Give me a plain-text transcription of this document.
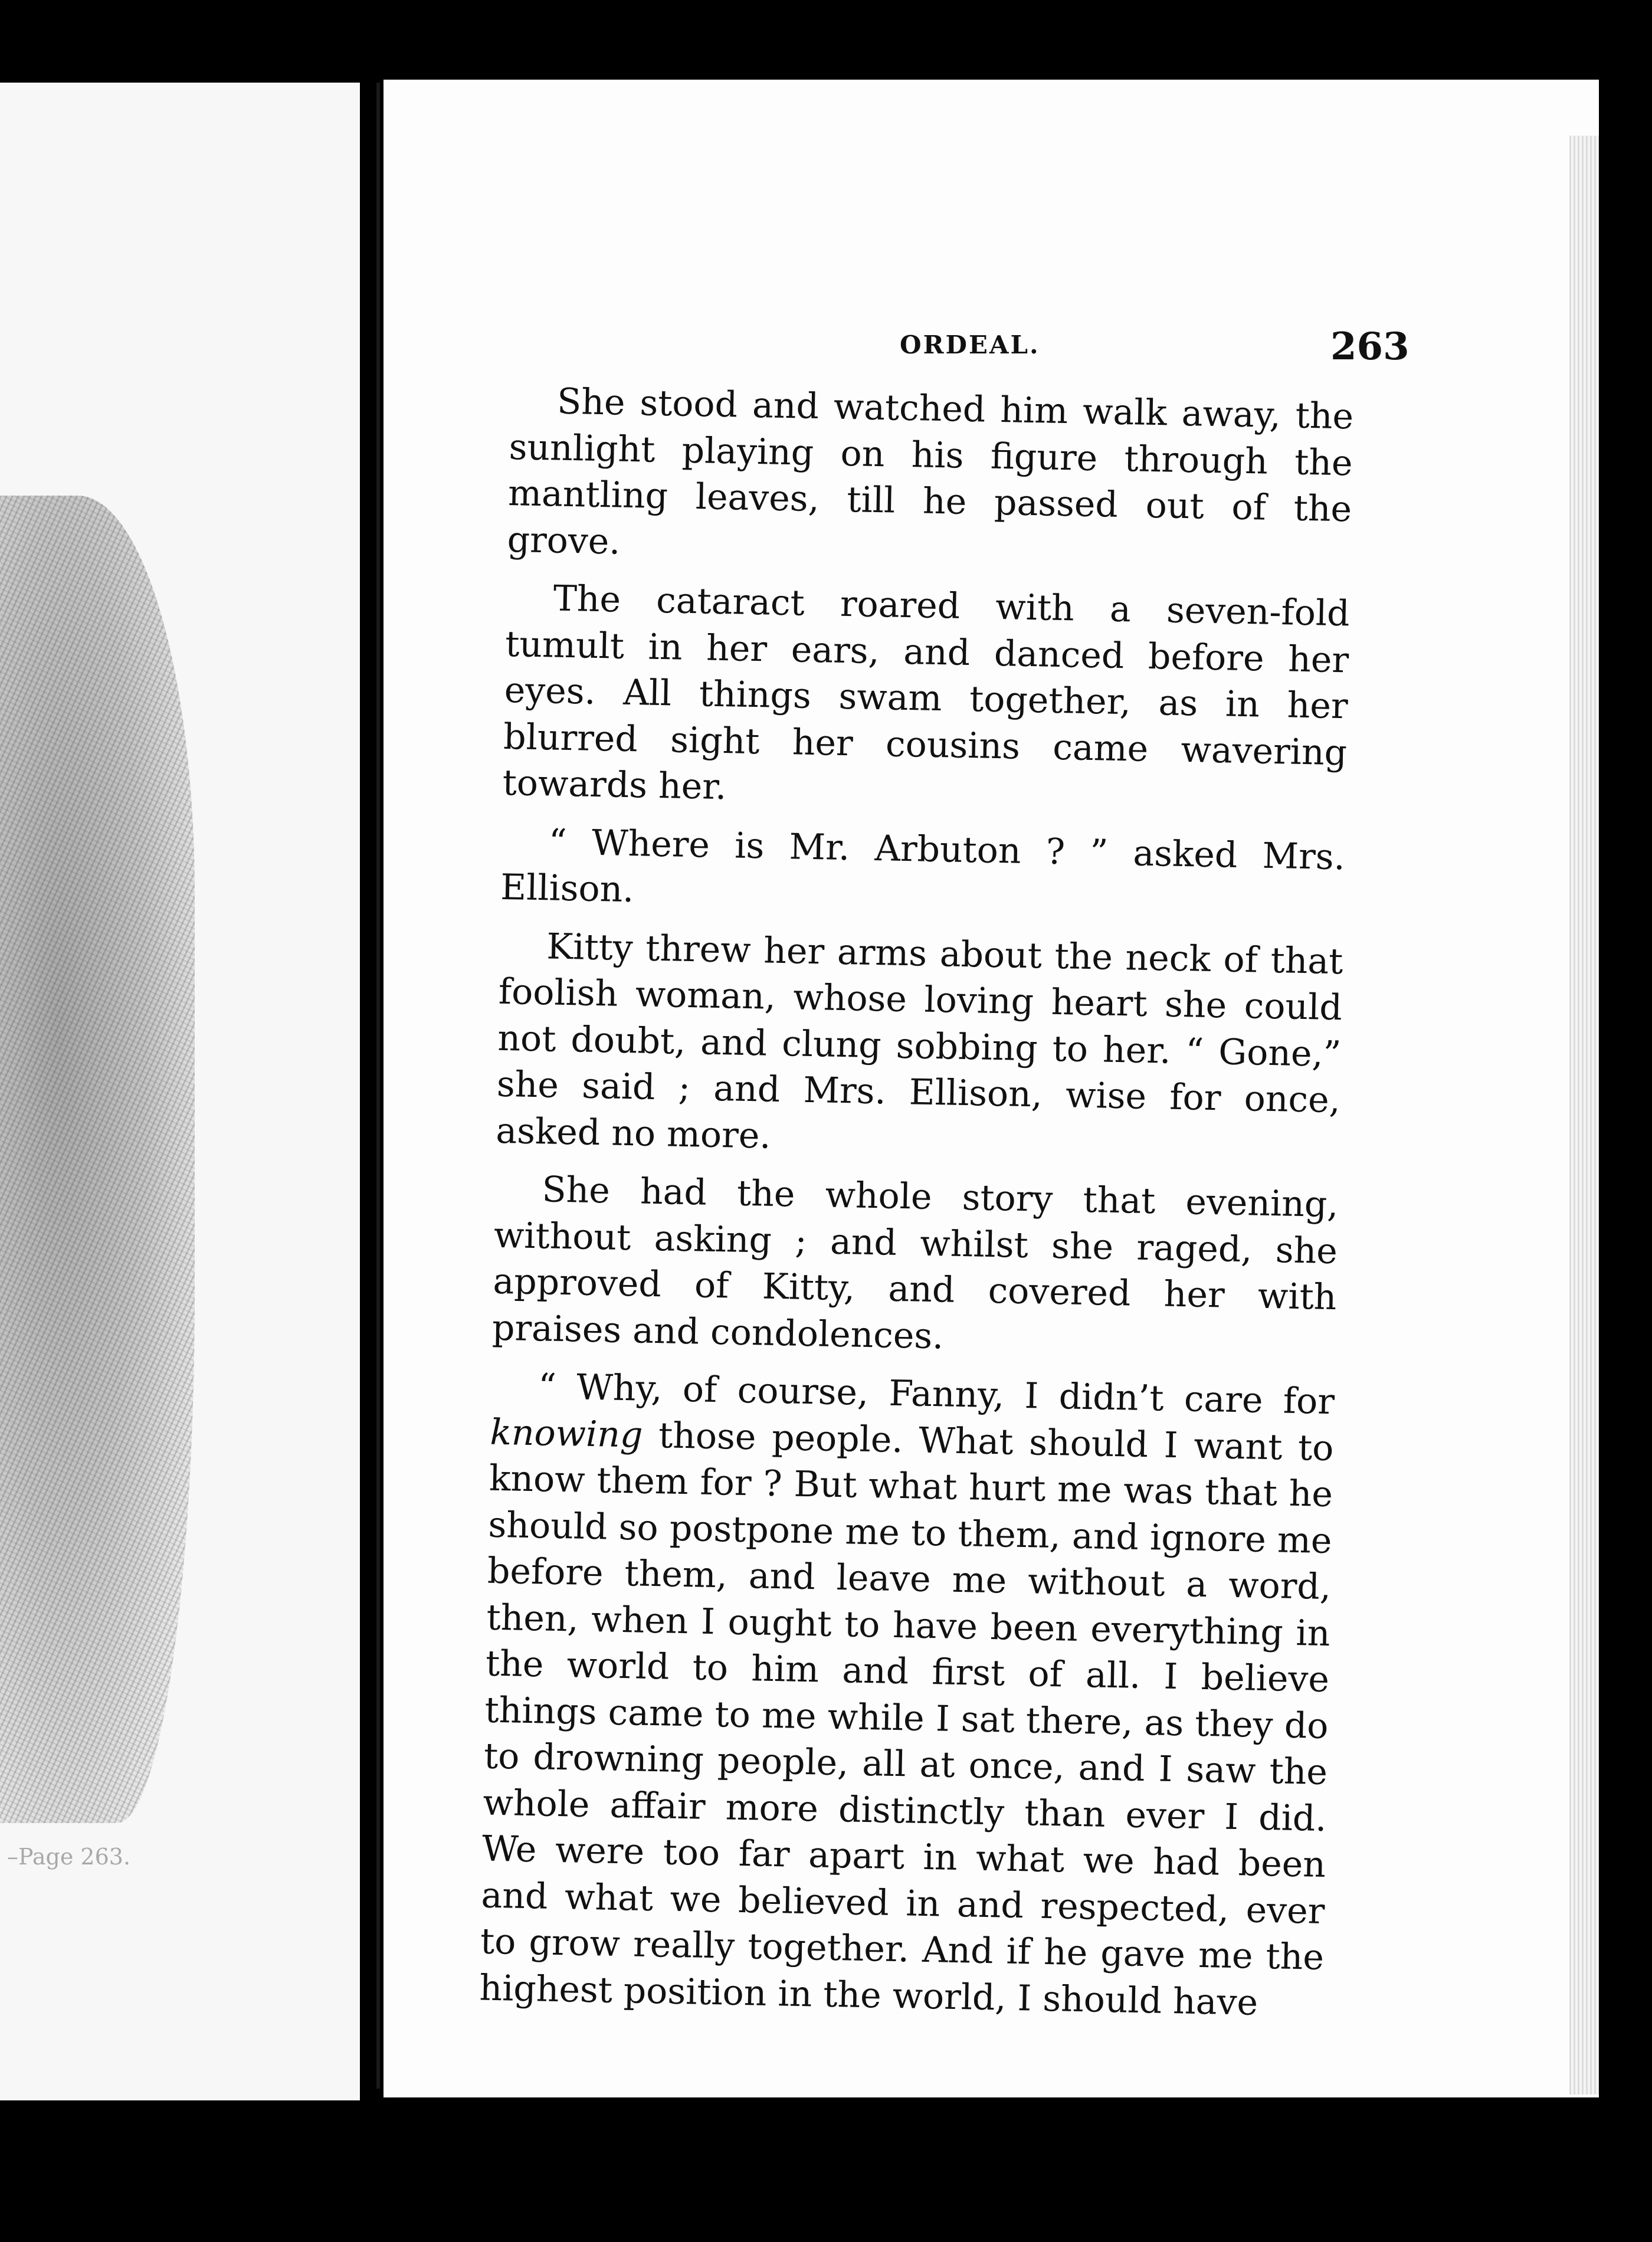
–Page 263.
ORDEAL.	263

She stood and watched him walk away, the sunlight playing on his figure through the mantling leaves, till he passed out of the grove.

The cataract roared with a seven-fold tumult in her ears, and danced before her eyes. All things swam together, as in her blurred sight her cousins came wavering towards her.

“ Where is Mr. Arbuton ? ” asked Mrs. Ellison.

Kitty threw her arms about the neck of that foolish woman, whose loving heart she could not doubt, and clung sobbing to her. “ Gone,” she said ; and Mrs. Ellison, wise for once, asked no more.

She had the whole story that evening, without asking ; and whilst she raged, she approved of Kitty, and covered her with praises and condolences.

“ Why, of course, Fanny, I didn’t care for knowing those people. What should I want to know them for ? But what hurt me was that he should so postpone me to them, and ignore me before them, and leave me without a word, then, when I ought to have been everything in the world to him and first of all. I believe things came to me while I sat there, as they do to drowning people, all at once, and I saw the whole affair more distinctly than ever I did. We were too far apart in what we had been and what we believed in and respected, ever to grow really together. And if he gave me the highest position in the world, I should have
